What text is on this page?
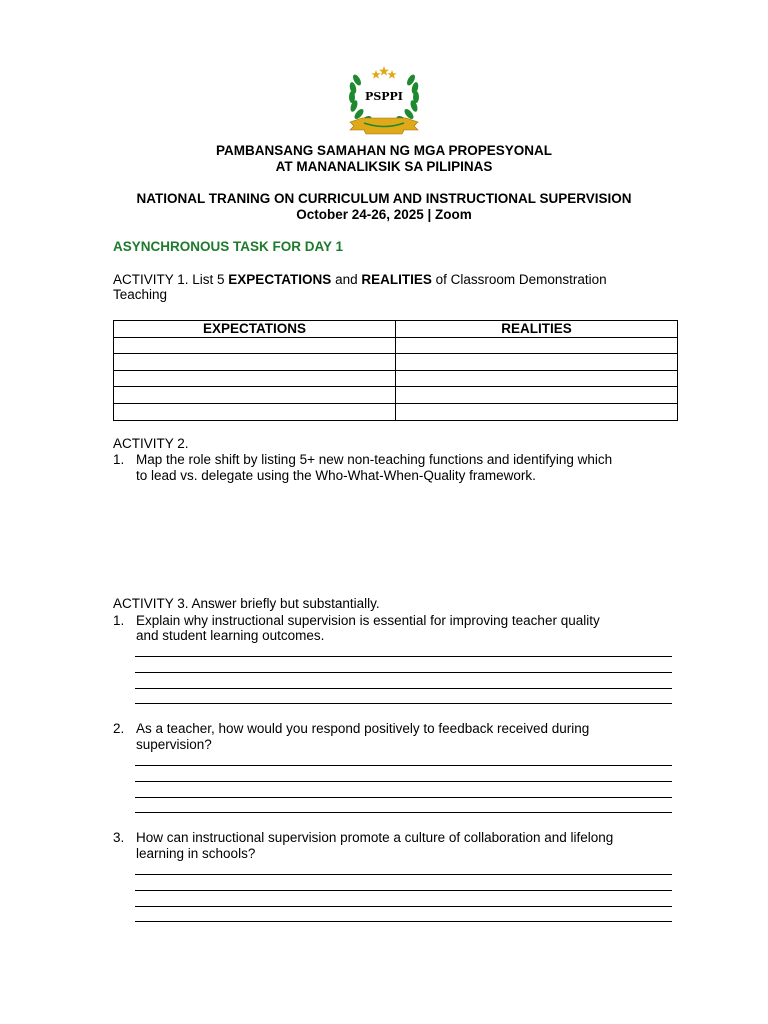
PSPPI
PAMBANSANG SAMAHAN NG MGA PROPESYONAL
AT MANANALIKSIK SA PILIPINAS
NATIONAL TRANING ON CURRICULUM AND INSTRUCTIONAL SUPERVISION
October 24-26, 2025 | Zoom
ASYNCHRONOUS TASK FOR DAY 1
ACTIVITY 1. List 5 EXPECTATIONS and REALITIES of Classroom Demonstration
Teaching
EXPECTATIONS	REALITIES

ACTIVITY 2.
1. Map the role shift by listing 5+ new non-teaching functions and identifying which
to lead vs. delegate using the Who-What-When-Quality framework.
ACTIVITY 3. Answer briefly but substantially.
1. Explain why instructional supervision is essential for improving teacher quality
and student learning outcomes.
2. As a teacher, how would you respond positively to feedback received during
supervision?
3. How can instructional supervision promote a culture of collaboration and lifelong
learning in schools?
